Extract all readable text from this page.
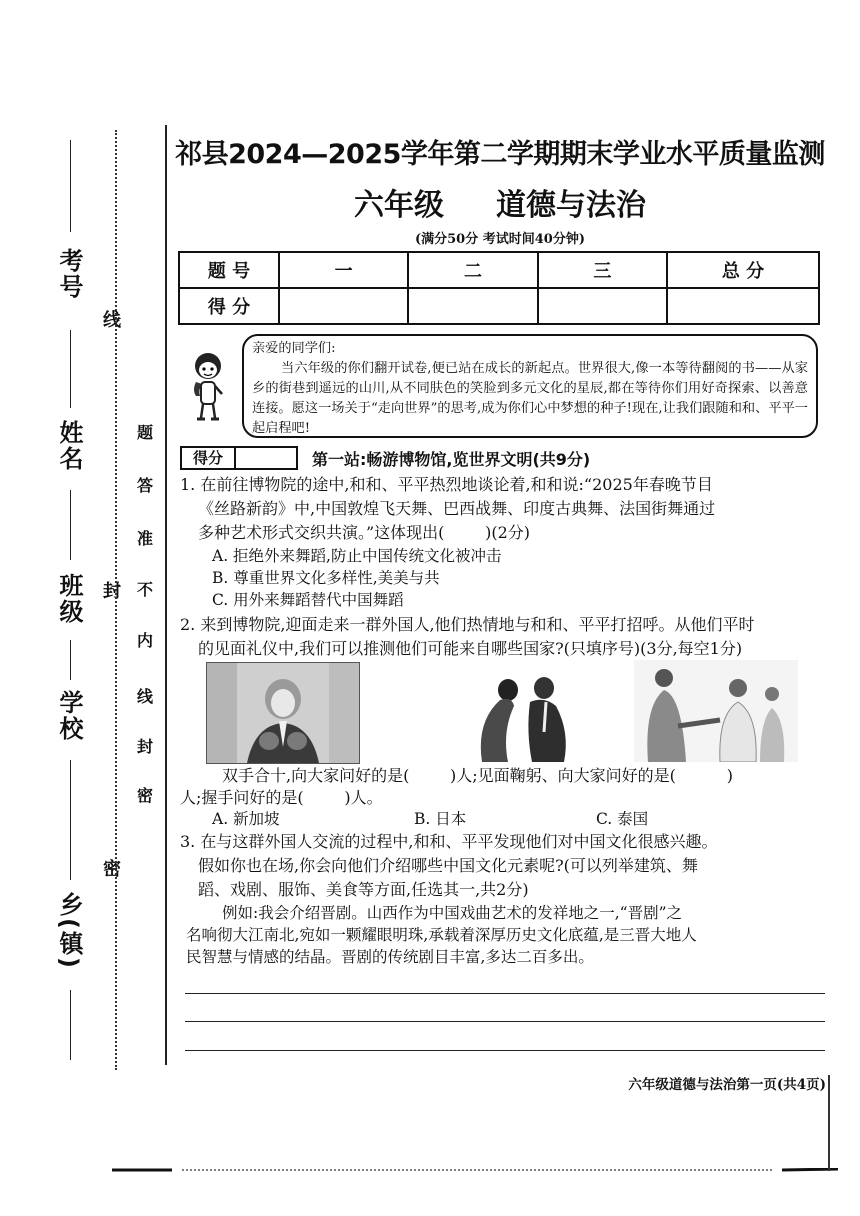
考号
姓名
班级
学校
乡(镇)
线
封
密
密
封
线
内
不
准
答
题
祁县2024—2025学年第二学期期末学业水平质量监测
六年级 道德与法治
(满分50分 考试时间40分钟)
题 号	一	二	三	总 分
得 分				
亲爱的同学们:
当六年级的你们翻开试卷,便已站在成长的新起点。世界很大,像一本等待翻阅的书——从家乡的街巷到遥远的山川,从不同肤色的笑脸到多元文化的星辰,都在等待你们用好奇探索、以善意连接。愿这一场关于“走向世界”的思考,成为你们心中梦想的种子!现在,让我们跟随和和、平平一起启程吧!
得分	第一站:畅游博物馆,览世界文明(共9分)
1. 在前往博物院的途中,和和、平平热烈地谈论着,和和说:“2025年春晚节目
《丝路新韵》中,中国敦煌飞天舞、巴西战舞、印度古典舞、法国街舞通过
多种艺术形式交织共演。”这体现出(        )(2分)
A. 拒绝外来舞蹈,防止中国传统文化被冲击
B. 尊重世界文化多样性,美美与共
C. 用外来舞蹈替代中国舞蹈
2. 来到博物院,迎面走来一群外国人,他们热情地与和和、平平打招呼。从他们平时
的见面礼仪中,我们可以推测他们可能来自哪些国家?(只填序号)(3分,每空1分)
双手合十,向大家问好的是(        )人;见面鞠躬、向大家问好的是(          )
人;握手问好的是(        )人。
A. 新加坡	B. 日本	C. 泰国
3. 在与这群外国人交流的过程中,和和、平平发现他们对中国文化很感兴趣。
假如你也在场,你会向他们介绍哪些中国文化元素呢?(可以列举建筑、舞
蹈、戏剧、服饰、美食等方面,任选其一,共2分)
例如:我会介绍晋剧。山西作为中国戏曲艺术的发祥地之一,“晋剧”之
名响彻大江南北,宛如一颗耀眼明珠,承载着深厚历史文化底蕴,是三晋大地人
民智慧与情感的结晶。晋剧的传统剧目丰富,多达二百多出。
六年级道德与法治第一页(共4页)
